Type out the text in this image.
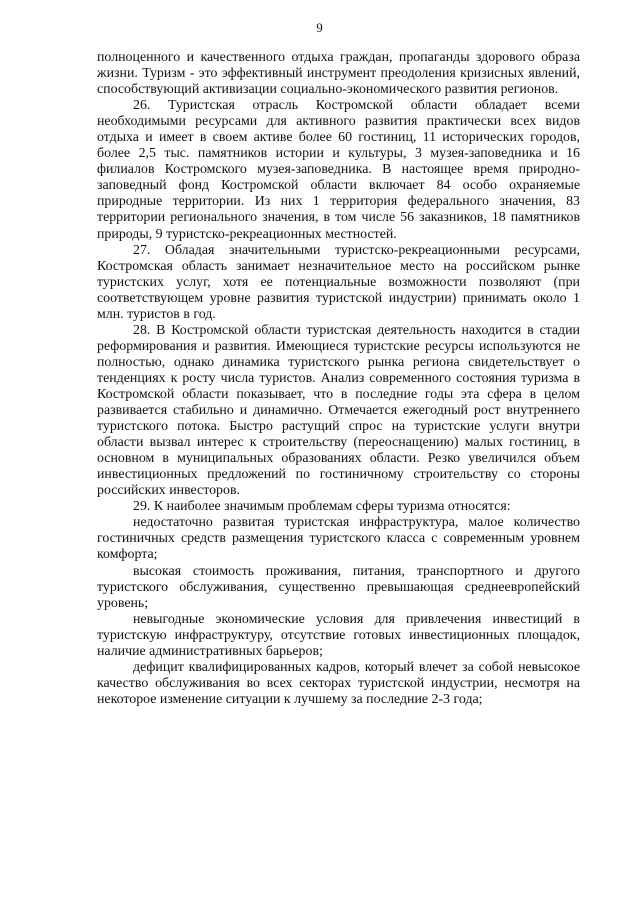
9

полноценного и качественного отдыха граждан, пропаганды здорового образа жизни. Туризм - это эффективный инструмент преодоления кризисных явлений, способствующий активизации социально-экономического развития регионов.

26. Туристская отрасль Костромской области обладает всеми необходимыми ресурсами для активного развития практически всех видов отдыха и имеет в своем активе более 60 гостиниц, 11 исторических городов, более 2,5 тыс. памятников истории и культуры, 3 музея-заповедника и 16 филиалов Костромского музея-заповедника. В настоящее время природно-заповедный фонд Костромской области включает 84 особо охраняемые природные территории. Из них 1 территория федерального значения, 83 территории регионального значения, в том числе 56 заказников, 18 памятников природы, 9 туристско-рекреационных местностей.

27. Обладая значительными туристско-рекреационными ресурсами, Костромская область занимает незначительное место на российском рынке туристских услуг, хотя ее потенциальные возможности позволяют (при соответствующем уровне развития туристской индустрии) принимать около 1 млн. туристов в год.

28. В Костромской области туристская деятельность находится в стадии реформирования и развития. Имеющиеся туристские ресурсы используются не полностью, однако динамика туристского рынка региона свидетельствует о тенденциях к росту числа туристов. Анализ современного состояния туризма в Костромской области показывает, что в последние годы эта сфера в целом развивается стабильно и динамично. Отмечается ежегодный рост внутреннего туристского потока. Быстро растущий спрос на туристские услуги внутри области вызвал интерес к строительству (переоснащению) малых гостиниц, в основном в муниципальных образованиях области. Резко увеличился объем инвестиционных предложений по гостиничному строительству со стороны российских инвесторов.

29. К наиболее значимым проблемам сферы туризма относятся:

недостаточно развитая туристская инфраструктура, малое количество гостиничных средств размещения туристского класса с современным уровнем комфорта;

высокая стоимость проживания, питания, транспортного и другого туристского обслуживания, существенно превышающая среднеевропейский уровень;

невыгодные экономические условия для привлечения инвестиций в туристскую инфраструктуру, отсутствие готовых инвестиционных площадок, наличие административных барьеров;

дефицит квалифицированных кадров, который влечет за собой невысокое качество обслуживания во всех секторах туристской индустрии, несмотря на некоторое изменение ситуации к лучшему за последние 2-3 года;
